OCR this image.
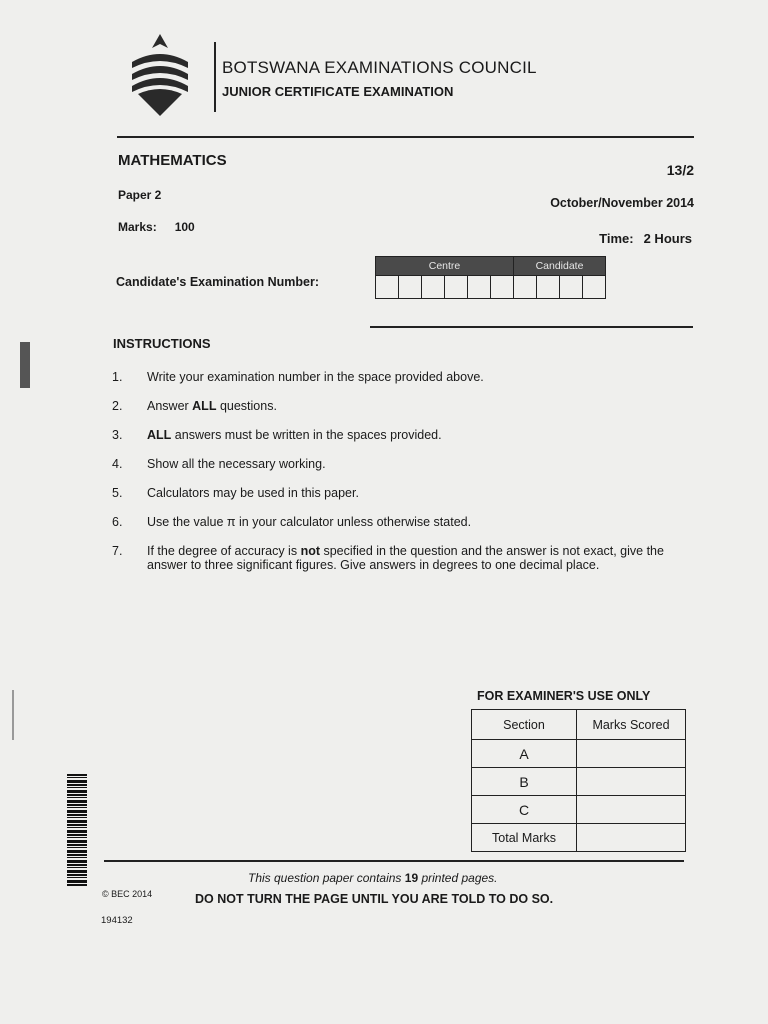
BOTSWANA EXAMINATIONS COUNCIL
JUNIOR CERTIFICATE EXAMINATION
MATHEMATICS
13/2
Paper 2
October/November 2014
Marks: 100
Time: 2 Hours
Candidate's Examination Number:
Centre						Candidate			

INSTRUCTIONS
1. Write your examination number in the space provided above.
2. Answer ALL questions.
3. ALL answers must be written in the spaces provided.
4. Show all the necessary working.
5. Calculators may be used in this paper.
6. Use the value π in your calculator unless otherwise stated.
7. If the degree of accuracy is not specified in the question and the answer is not exact, give the answer to three significant figures. Give answers in degrees to one decimal place.
FOR EXAMINER'S USE ONLY
Section	Marks Scored
A	
B	
C	
Total Marks	
This question paper contains 19 printed pages.
© BEC 2014	DO NOT TURN THE PAGE UNTIL YOU ARE TOLD TO DO SO.
194132
